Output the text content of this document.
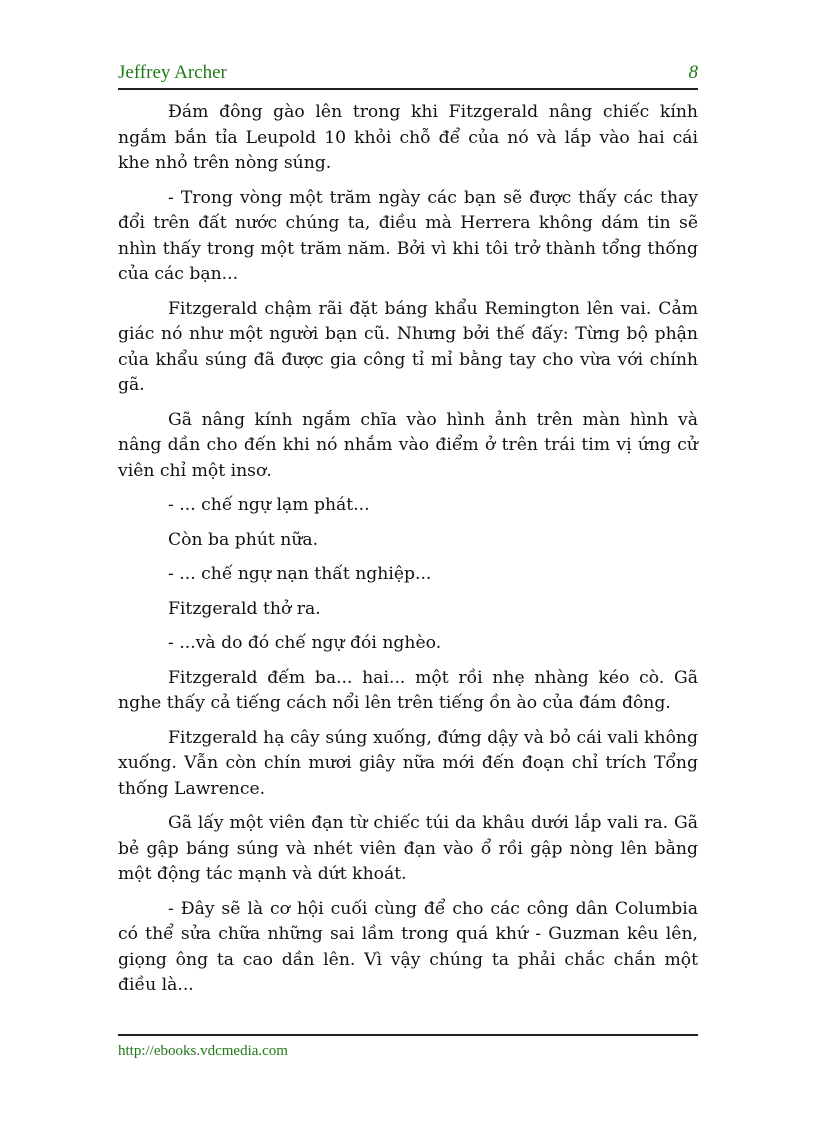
Jeffrey Archer	8

Đám đông gào lên trong khi Fitzgerald nâng chiếc kính ngắm bắn tỉa Leupold 10 khỏi chỗ để của nó và lắp vào hai cái khe nhỏ trên nòng súng.

- Trong vòng một trăm ngày các bạn sẽ được thấy các thay đổi trên đất nước chúng ta, điều mà Herrera không dám tin sẽ nhìn thấy trong một trăm năm. Bởi vì khi tôi trở thành tổng thống của các bạn...

Fitzgerald chậm rãi đặt báng khẩu Remington lên vai. Cảm giác nó như một người bạn cũ. Nhưng bởi thế đấy: Từng bộ phận của khẩu súng đã được gia công tỉ mỉ bằng tay cho vừa với chính gã.

Gã nâng kính ngắm chĩa vào hình ảnh trên màn hình và nâng dần cho đến khi nó nhắm vào điểm ở trên trái tim vị ứng cử viên chỉ một insơ.

- ... chế ngự lạm phát...

Còn ba phút nữa.

- ... chế ngự nạn thất nghiệp...

Fitzgerald thở ra.

- ...và do đó chế ngự đói nghèo.

Fitzgerald đếm ba... hai... một rồi nhẹ nhàng kéo cò. Gã nghe thấy cả tiếng cách nổi lên trên tiếng ồn ào của đám đông.

Fitzgerald hạ cây súng xuống, đứng dậy và bỏ cái vali không xuống. Vẫn còn chín mươi giây nữa mới đến đoạn chỉ trích Tổng thống Lawrence.

Gã lấy một viên đạn từ chiếc túi da khâu dưới lắp vali ra. Gã bẻ gập báng súng và nhét viên đạn vào ổ rồi gập nòng lên bằng một động tác mạnh và dứt khoát.

- Đây sẽ là cơ hội cuối cùng để cho các công dân Columbia có thể sửa chữa những sai lầm trong quá khứ - Guzman kêu lên, giọng ông ta cao dần lên. Vì vậy chúng ta phải chắc chắn một điều là...

http://ebooks.vdcmedia.com
